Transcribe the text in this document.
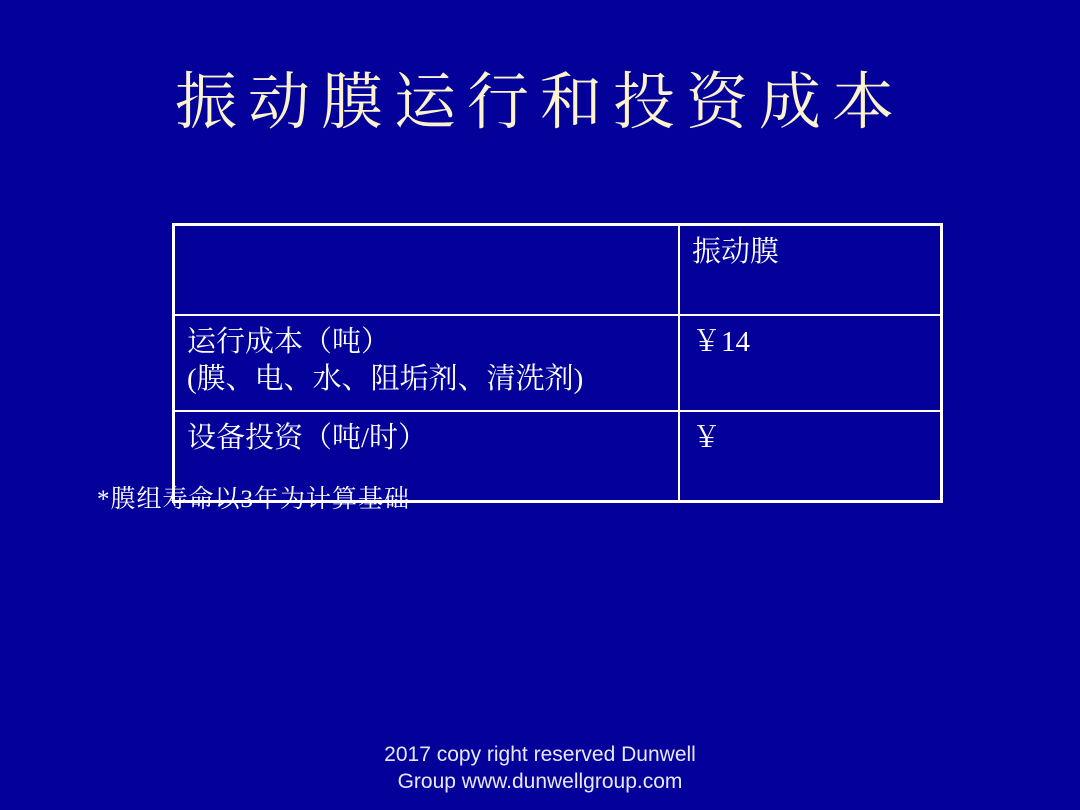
振动膜运行和投资成本
	振动膜
运行成本（吨）
(膜、电、水、阻垢剂、清洗剂)	￥14
设备投资（吨/时）	￥
*膜组寿命以3年为计算基础
2017 copy right reserved Dunwell
Group www.dunwellgroup.com
